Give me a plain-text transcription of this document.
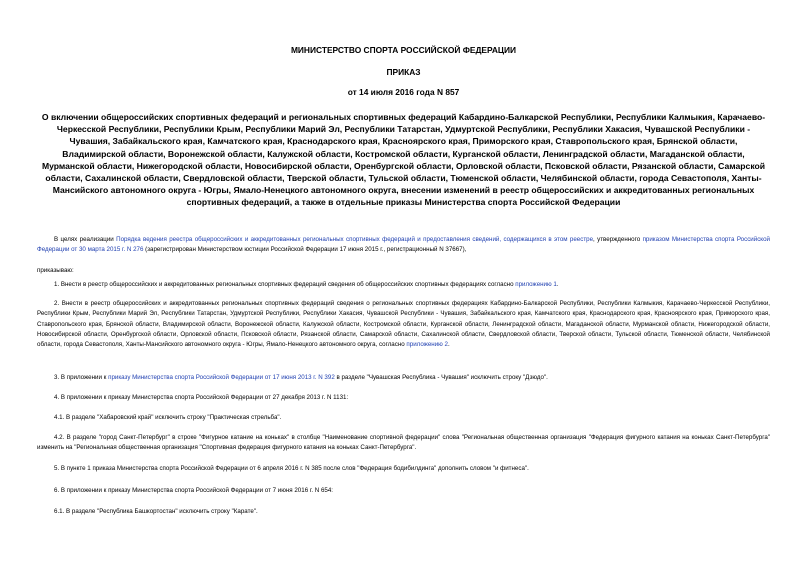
МИНИСТЕРСТВО СПОРТА РОССИЙСКОЙ ФЕДЕРАЦИИ
ПРИКАЗ
от 14 июля 2016 года N 857
О включении общероссийских спортивных федераций и региональных спортивных федераций Кабардино-Балкарской Республики, Республики Калмыкия, Карачаево-Черкесской Республики, Республики Крым, Республики Марий Эл, Республики Татарстан, Удмуртской Республики, Республики Хакасия, Чувашской Республики - Чувашия, Забайкальского края, Камчатского края, Краснодарского края, Красноярского края, Приморского края, Ставропольского края, Брянской области, Владимирской области, Воронежской области, Калужской области, Костромской области, Курганской области, Ленинградской области, Магаданской области, Мурманской области, Нижегородской области, Новосибирской области, Оренбургской области, Орловской области, Псковской области, Рязанской области, Самарской области, Сахалинской области, Свердловской области, Тверской области, Тульской области, Тюменской области, Челябинской области, города Севастополя, Ханты-Мансийского автономного округа - Югры, Ямало-Ненецкого автономного округа, внесении изменений в реестр общероссийских и аккредитованных региональных спортивных федераций, а также в отдельные приказы Министерства спорта Российской Федерации

В целях реализации Порядка ведения реестра общероссийских и аккредитованных региональных спортивных федераций и предоставления сведений, содержащихся в этом реестре, утвержденного приказом Министерства спорта Российской Федерации от 30 марта 2015 г. N 276 (зарегистрирован Министерством юстиции Российской Федерации 17 июня 2015 г., регистрационный N 37667),

приказываю:

1. Внести в реестр общероссийских и аккредитованных региональных спортивных федераций сведения об общероссийских спортивных федерациях согласно приложению 1.

2. Внести в реестр общероссийских и аккредитованных региональных спортивных федераций сведения о региональных спортивных федерациях Кабардино-Балкарской Республики, Республики Калмыкия, Карачаево-Черкесской Республики, Республики Крым, Республики Марий Эл, Республики Татарстан, Удмуртской Республики, Республики Хакасия, Чувашской Республики - Чувашия, Забайкальского края, Камчатского края, Краснодарского края, Красноярского края, Приморского края, Ставропольского края, Брянской области, Владимирской области, Воронежской области, Калужской области, Костромской области, Курганской области, Ленинградской области, Магаданской области, Мурманской области, Нижегородской области, Новосибирской области, Оренбургской области, Орловской области, Псковской области, Рязанской области, Самарской области, Сахалинской области, Свердловской области, Тверской области, Тульской области, Тюменской области, Челябинской области, города Севастополя, Ханты-Мансийского автономного округа - Югры, Ямало-Ненецкого автономного округа, согласно приложению 2.

3. В приложении к приказу Министерства спорта Российской Федерации от 17 июня 2013 г. N 392 в разделе "Чувашская Республика - Чувашия" исключить строку "Дзюдо".

4. В приложении к приказу Министерства спорта Российской Федерации от 27 декабря 2013 г. N 1131:

4.1. В разделе "Хабаровский край" исключить строку "Практическая стрельба".

4.2. В разделе "город Санкт-Петербург" в строке "Фигурное катание на коньках" в столбце "Наименование спортивной федерации" слова "Региональная общественная организация "Федерация фигурного катания на коньках Санкт-Петербурга" изменить на "Региональная общественная организация "Спортивная федерация фигурного катания на коньках Санкт-Петербурга".

5. В пункте 1 приказа Министерства спорта Российской Федерации от 6 апреля 2016 г. N 385 после слов "Федерация бодибилдинга" дополнить словом "и фитнеса".

6. В приложении к приказу Министерства спорта Российской Федерации от 7 июня 2016 г. N 654:

6.1. В разделе "Республика Башкортостан" исключить строку "Карате".
